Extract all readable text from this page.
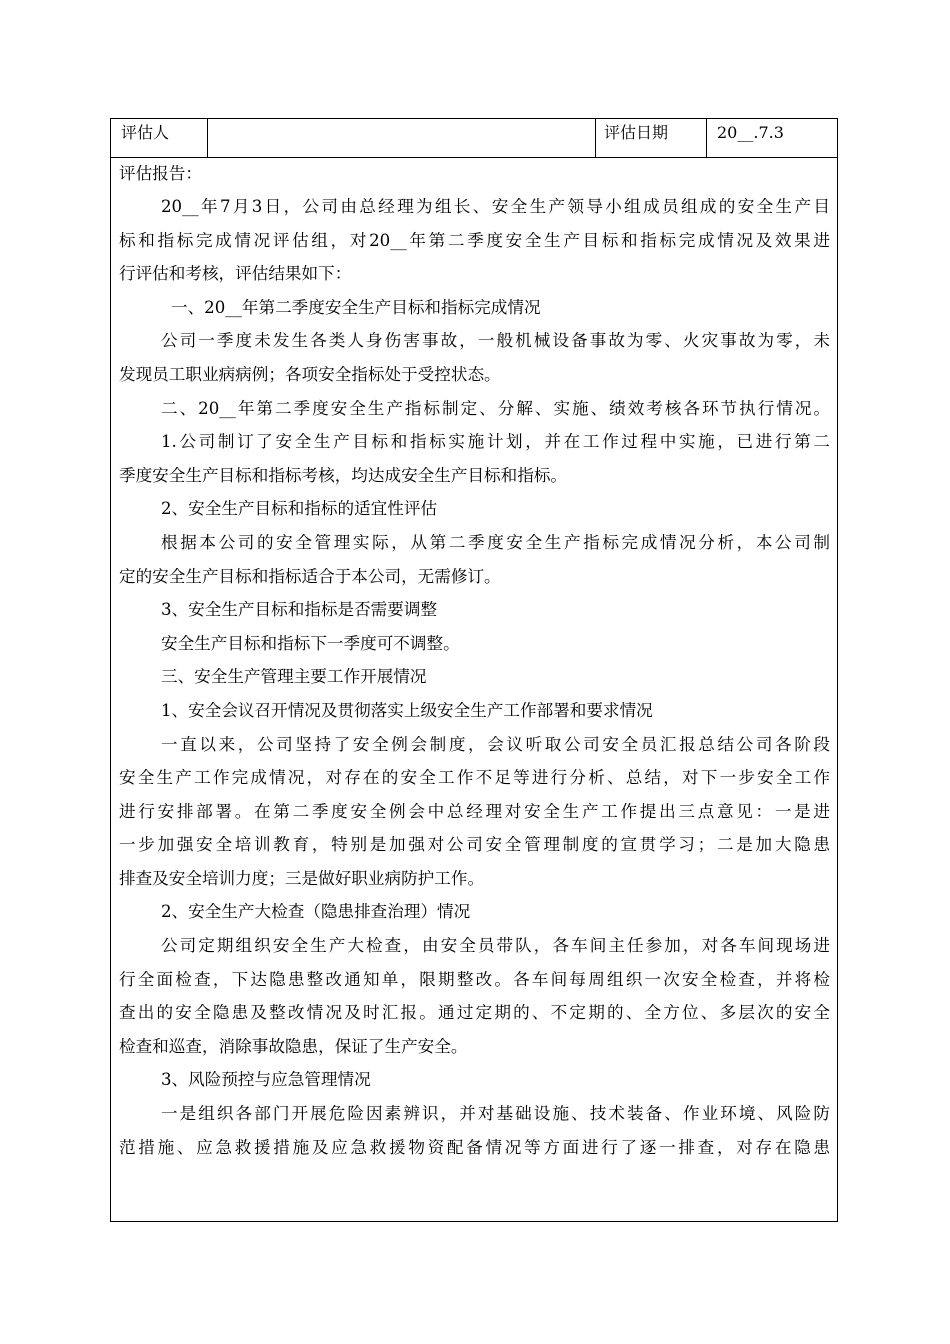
评估人	评估日期	20__.7.3
评估报告：
20__年7月3日，公司由总经理为组长、安全生产领导小组成员组成的安全生产目
标和指标完成情况评估组，对20__年第二季度安全生产目标和指标完成情况及效果进
行评估和考核，评估结果如下：
一、20__年第二季度安全生产目标和指标完成情况
公司一季度未发生各类人身伤害事故，一般机械设备事故为零、火灾事故为零，未
发现员工职业病病例；各项安全指标处于受控状态。
二、20__年第二季度安全生产指标制定、分解、实施、绩效考核各环节执行情况。
1.公司制订了安全生产目标和指标实施计划，并在工作过程中实施，已进行第二
季度安全生产目标和指标考核，均达成安全生产目标和指标。
2、安全生产目标和指标的适宜性评估
根据本公司的安全管理实际，从第二季度安全生产指标完成情况分析，本公司制
定的安全生产目标和指标适合于本公司，无需修订。
3、安全生产目标和指标是否需要调整
安全生产目标和指标下一季度可不调整。
三、安全生产管理主要工作开展情况
1、安全会议召开情况及贯彻落实上级安全生产工作部署和要求情况
一直以来，公司坚持了安全例会制度，会议听取公司安全员汇报总结公司各阶段
安全生产工作完成情况，对存在的安全工作不足等进行分析、总结，对下一步安全工作
进行安排部署。在第二季度安全例会中总经理对安全生产工作提出三点意见：一是进
一步加强安全培训教育，特别是加强对公司安全管理制度的宣贯学习；二是加大隐患
排查及安全培训力度；三是做好职业病防护工作。
2、安全生产大检查（隐患排查治理）情况
公司定期组织安全生产大检查，由安全员带队，各车间主任参加，对各车间现场进
行全面检查，下达隐患整改通知单，限期整改。各车间每周组织一次安全检查，并将检
查出的安全隐患及整改情况及时汇报。通过定期的、不定期的、全方位、多层次的安全
检查和巡查，消除事故隐患，保证了生产安全。
3、风险预控与应急管理情况
一是组织各部门开展危险因素辨识，并对基础设施、技术装备、作业环境、风险防
范措施、应急救援措施及应急救援物资配备情况等方面进行了逐一排查，对存在隐患
